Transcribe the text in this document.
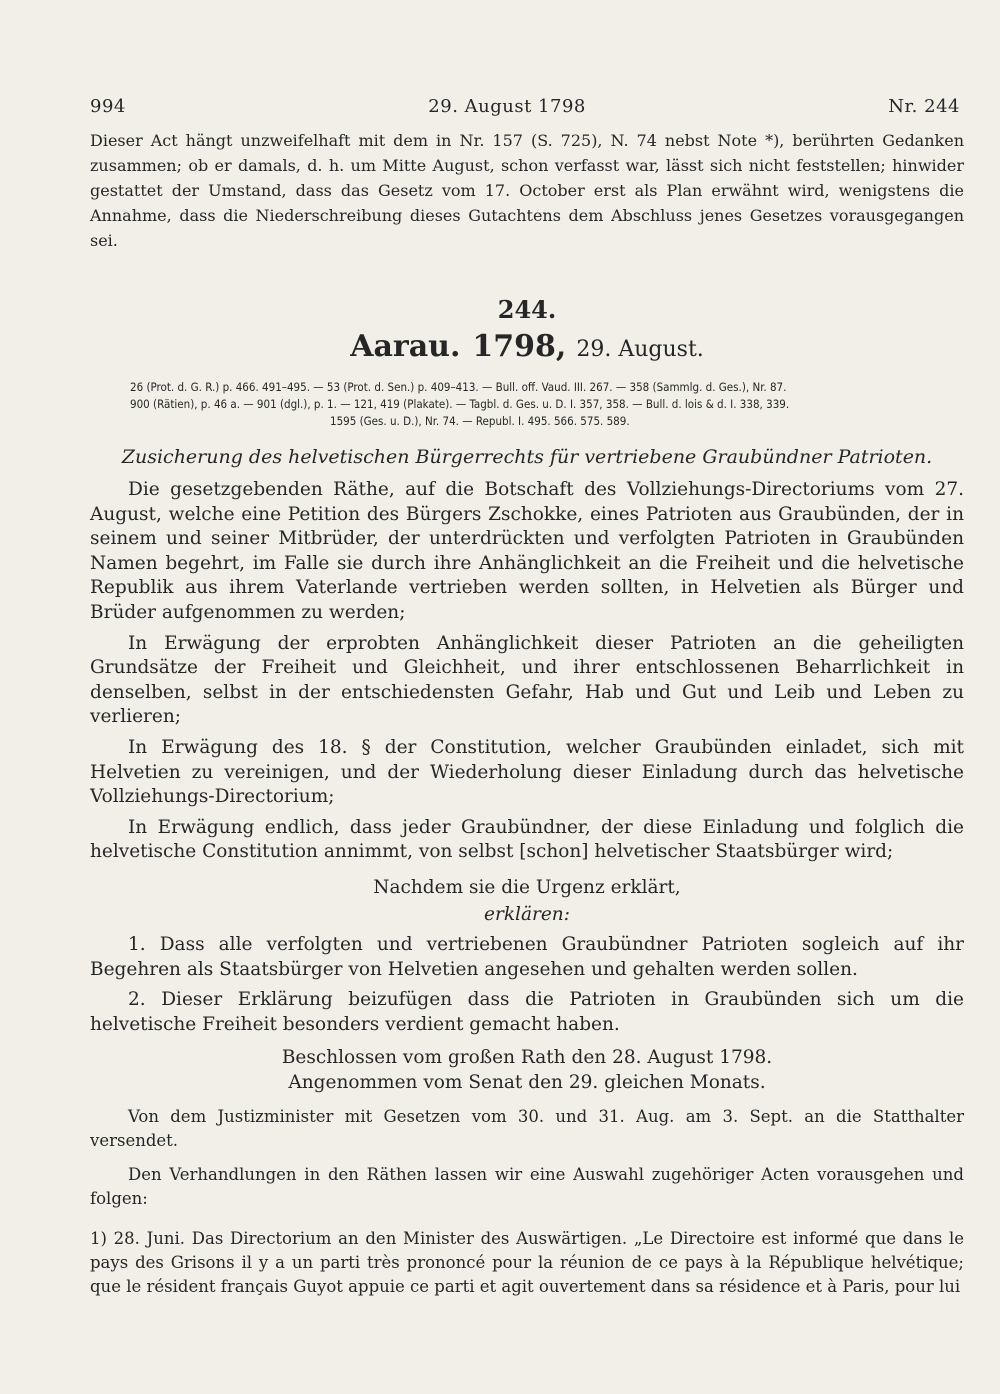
994	29. August 1798	Nr. 244

Dieser Act hängt unzweifelhaft mit dem in Nr. 157 (S. 725), N. 74 nebst Note *), berührten Gedanken zusammen; ob er damals, d. h. um Mitte August, schon verfasst war, lässt sich nicht feststellen; hinwider gestattet der Umstand, dass das Gesetz vom 17. October erst als Plan erwähnt wird, wenigstens die Annahme, dass die Niederschreibung dieses Gutachtens dem Abschluss jenes Gesetzes vorausgegangen sei.

244.
Aarau. 1798, 29. August.
26 (Prot. d. G. R.) p. 466. 491–495. — 53 (Prot. d. Sen.) p. 409–413. — Bull. off. Vaud. III. 267. — 358 (Sammlg. d. Ges.), Nr. 87.
900 (Rätien), p. 46 a. — 901 (dgl.), p. 1. — 121, 419 (Plakate). — Tagbl. d. Ges. u. D. I. 357, 358. — Bull. d. lois & d. I. 338, 339.
1595 (Ges. u. D.), Nr. 74. — Republ. I. 495. 566. 575. 589.
Zusicherung des helvetischen Bürgerrechts für vertriebene Graubündner Patrioten.

Die gesetzgebenden Räthe, auf die Botschaft des Vollziehungs-Directoriums vom 27. August, welche eine Petition des Bürgers Zschokke, eines Patrioten aus Graubünden, der in seinem und seiner Mitbrüder, der unterdrückten und verfolgten Patrioten in Graubünden Namen begehrt, im Falle sie durch ihre Anhänglichkeit an die Freiheit und die helvetische Republik aus ihrem Vaterlande vertrieben werden sollten, in Helvetien als Bürger und Brüder aufgenommen zu werden;

In Erwägung der erprobten Anhänglichkeit dieser Patrioten an die geheiligten Grundsätze der Freiheit und Gleichheit, und ihrer entschlossenen Beharrlichkeit in denselben, selbst in der entschiedensten Gefahr, Hab und Gut und Leib und Leben zu verlieren;

In Erwägung des 18. § der Constitution, welcher Graubünden einladet, sich mit Helvetien zu vereinigen, und der Wiederholung dieser Einladung durch das helvetische Vollziehungs-Directorium;

In Erwägung endlich, dass jeder Graubündner, der diese Einladung und folglich die helvetische Constitution annimmt, von selbst [schon] helvetischer Staatsbürger wird;

Nachdem sie die Urgenz erklärt,
erklären:

1. Dass alle verfolgten und vertriebenen Graubündner Patrioten sogleich auf ihr Begehren als Staatsbürger von Helvetien angesehen und gehalten werden sollen.

2. Dieser Erklärung beizufügen dass die Patrioten in Graubünden sich um die helvetische Freiheit besonders verdient gemacht haben.

Beschlossen vom großen Rath den 28. August 1798.
Angenommen vom Senat den 29. gleichen Monats.

Von dem Justizminister mit Gesetzen vom 30. und 31. Aug. am 3. Sept. an die Statthalter versendet.

Den Verhandlungen in den Räthen lassen wir eine Auswahl zugehöriger Acten vorausgehen und folgen:

1) 28. Juni. Das Directorium an den Minister des Auswärtigen. „Le Directoire est informé que dans le pays des Grisons il y a un parti très prononcé pour la réunion de ce pays à la République helvétique; que le résident français Guyot appuie ce parti et agit ouvertement dans sa résidence et à Paris, pour lui
